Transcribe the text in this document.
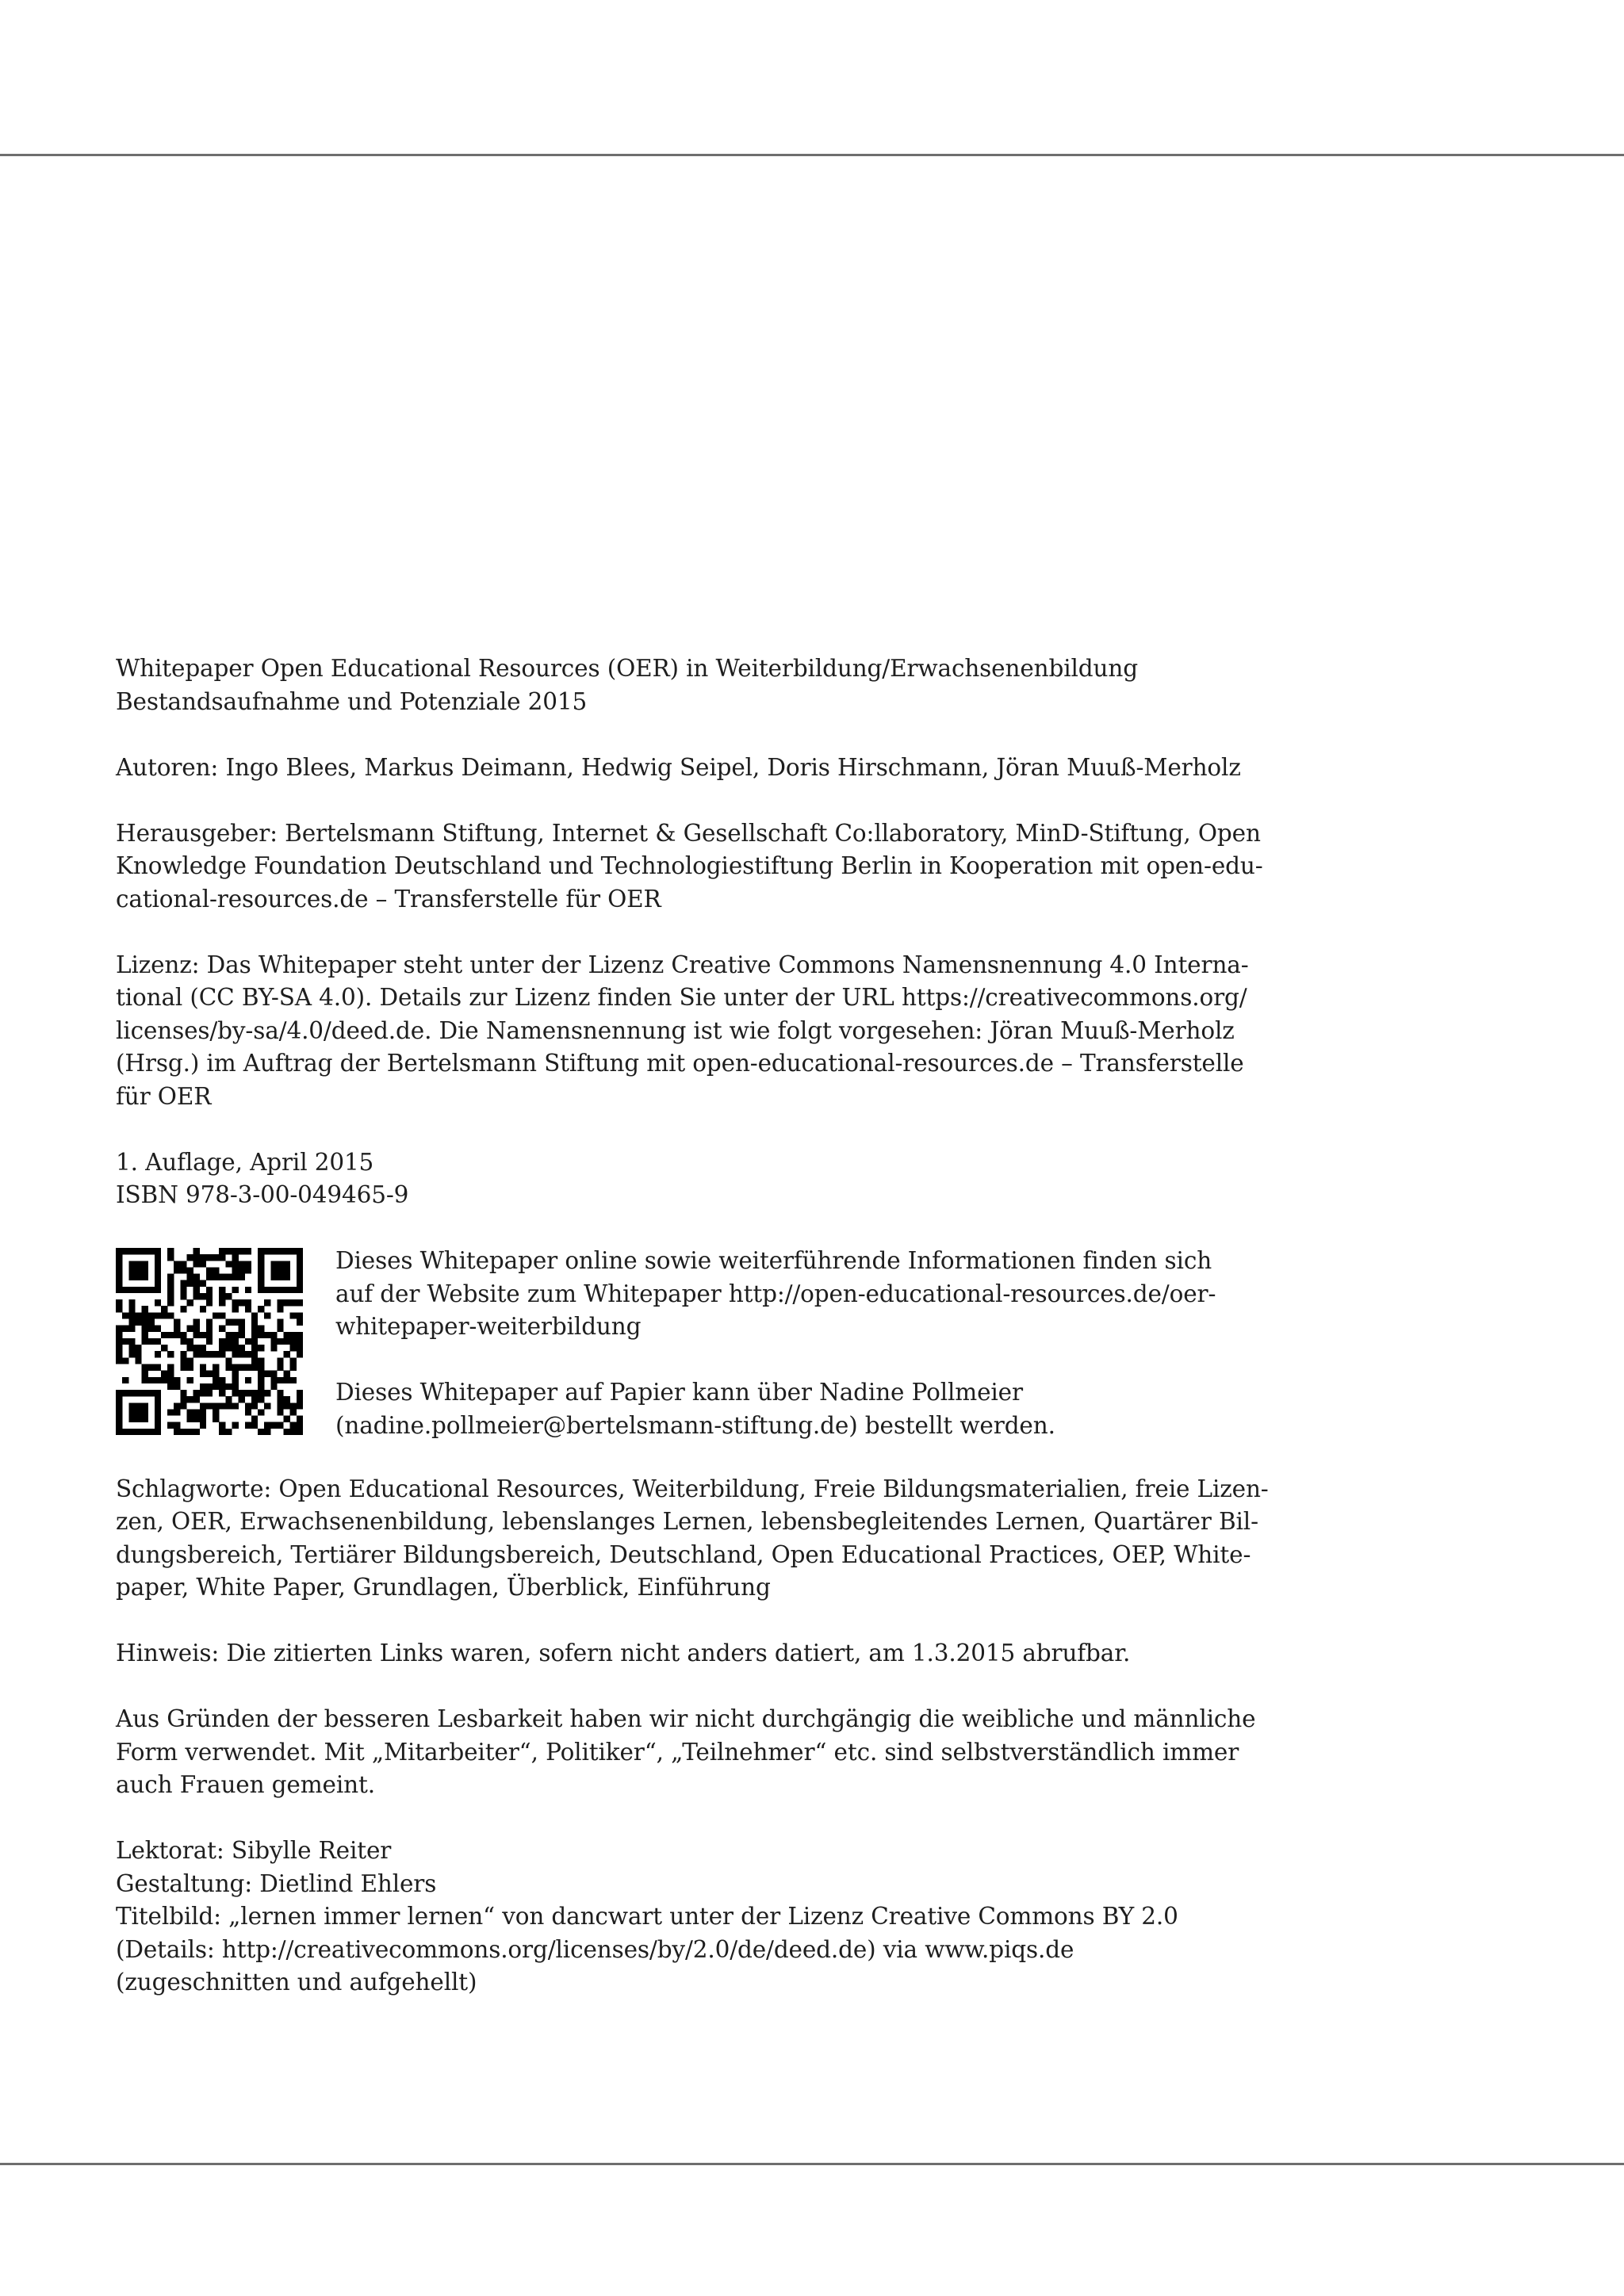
Whitepaper Open Educational Resources (OER) in Weiterbildung/Erwachsenenbildung
Bestandsaufnahme und Potenziale 2015
Autoren: Ingo Blees, Markus Deimann, Hedwig Seipel, Doris Hirschmann, Jöran Muuß-Merholz
Herausgeber: Bertelsmann Stiftung, Internet & Gesellschaft Co:llaboratory, MinD-Stiftung, Open
Knowledge Foundation Deutschland und Technologiestiftung Berlin in Kooperation mit open-edu-
cational-resources.de – Transferstelle für OER
Lizenz: Das Whitepaper steht unter der Lizenz Creative Commons Namensnennung 4.0 Interna-
tional (CC BY-SA 4.0). Details zur Lizenz finden Sie unter der URL https://creativecommons.org/
licenses/by-sa/4.0/deed.de. Die Namensnennung ist wie folgt vorgesehen: Jöran Muuß-Merholz
(Hrsg.) im Auftrag der Bertelsmann Stiftung mit open-educational-resources.de – Transferstelle
für OER
1. Auflage, April 2015
ISBN 978-3-00-049465-9
Dieses Whitepaper online sowie weiterführende Informationen finden sich
auf der Website zum Whitepaper http://open-educational-resources.de/oer-
whitepaper-weiterbildung
Dieses Whitepaper auf Papier kann über Nadine Pollmeier
(nadine.pollmeier@bertelsmann-stiftung.de) bestellt werden.
Schlagworte: Open Educational Resources, Weiterbildung, Freie Bildungsmaterialien, freie Lizen-
zen, OER, Erwachsenenbildung, lebenslanges Lernen, lebensbegleitendes Lernen, Quartärer Bil-
dungsbereich, Tertiärer Bildungsbereich, Deutschland, Open Educational Practices, OEP, White-
paper, White Paper, Grundlagen, Überblick, Einführung
Hinweis: Die zitierten Links waren, sofern nicht anders datiert, am 1.3.2015 abrufbar.
Aus Gründen der besseren Lesbarkeit haben wir nicht durchgängig die weibliche und männliche
Form verwendet. Mit „Mitarbeiter“, Politiker“, „Teilnehmer“ etc. sind selbstverständlich immer
auch Frauen gemeint.
Lektorat: Sibylle Reiter
Gestaltung: Dietlind Ehlers
Titelbild: „lernen immer lernen“ von dancwart unter der Lizenz Creative Commons BY 2.0
(Details: http://creativecommons.org/licenses/by/2.0/de/deed.de) via www.piqs.de
(zugeschnitten und aufgehellt)
